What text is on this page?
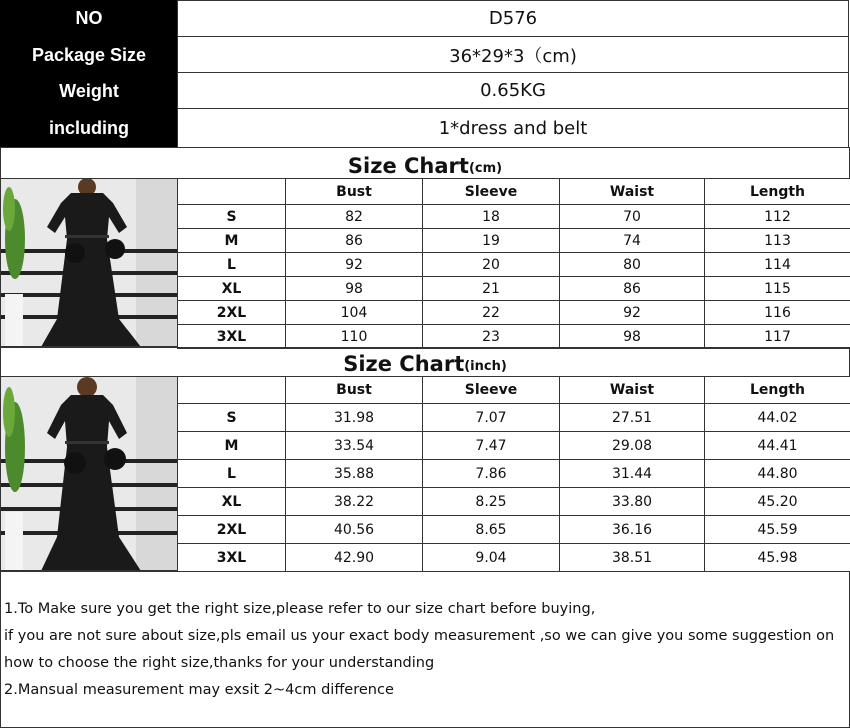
NO	D576
Package Size	36*29*3（cm)
Weight	0.65KG
including	1*dress and belt
Size Chart (cm)
	Bust	Sleeve	Waist	Length
S	82	18	70	112
M	86	19	74	113
L	92	20	80	114
XL	98	21	86	115
2XL	104	22	92	116
3XL	110	23	98	117
Size Chart (inch)
	Bust	Sleeve	Waist	Length
S	31.98	7.07	27.51	44.02
M	33.54	7.47	29.08	44.41
L	35.88	7.86	31.44	44.80
XL	38.22	8.25	33.80	45.20
2XL	40.56	8.65	36.16	45.59
3XL	42.90	9.04	38.51	45.98

1.To Make sure you get the right size,please refer to our size chart before buying,

if you are not sure about size,pls email us your exact body measurement ,so we can give you some suggestion on

how to choose the right size,thanks for your understanding

2.Mansual measurement may exsit 2~4cm difference
